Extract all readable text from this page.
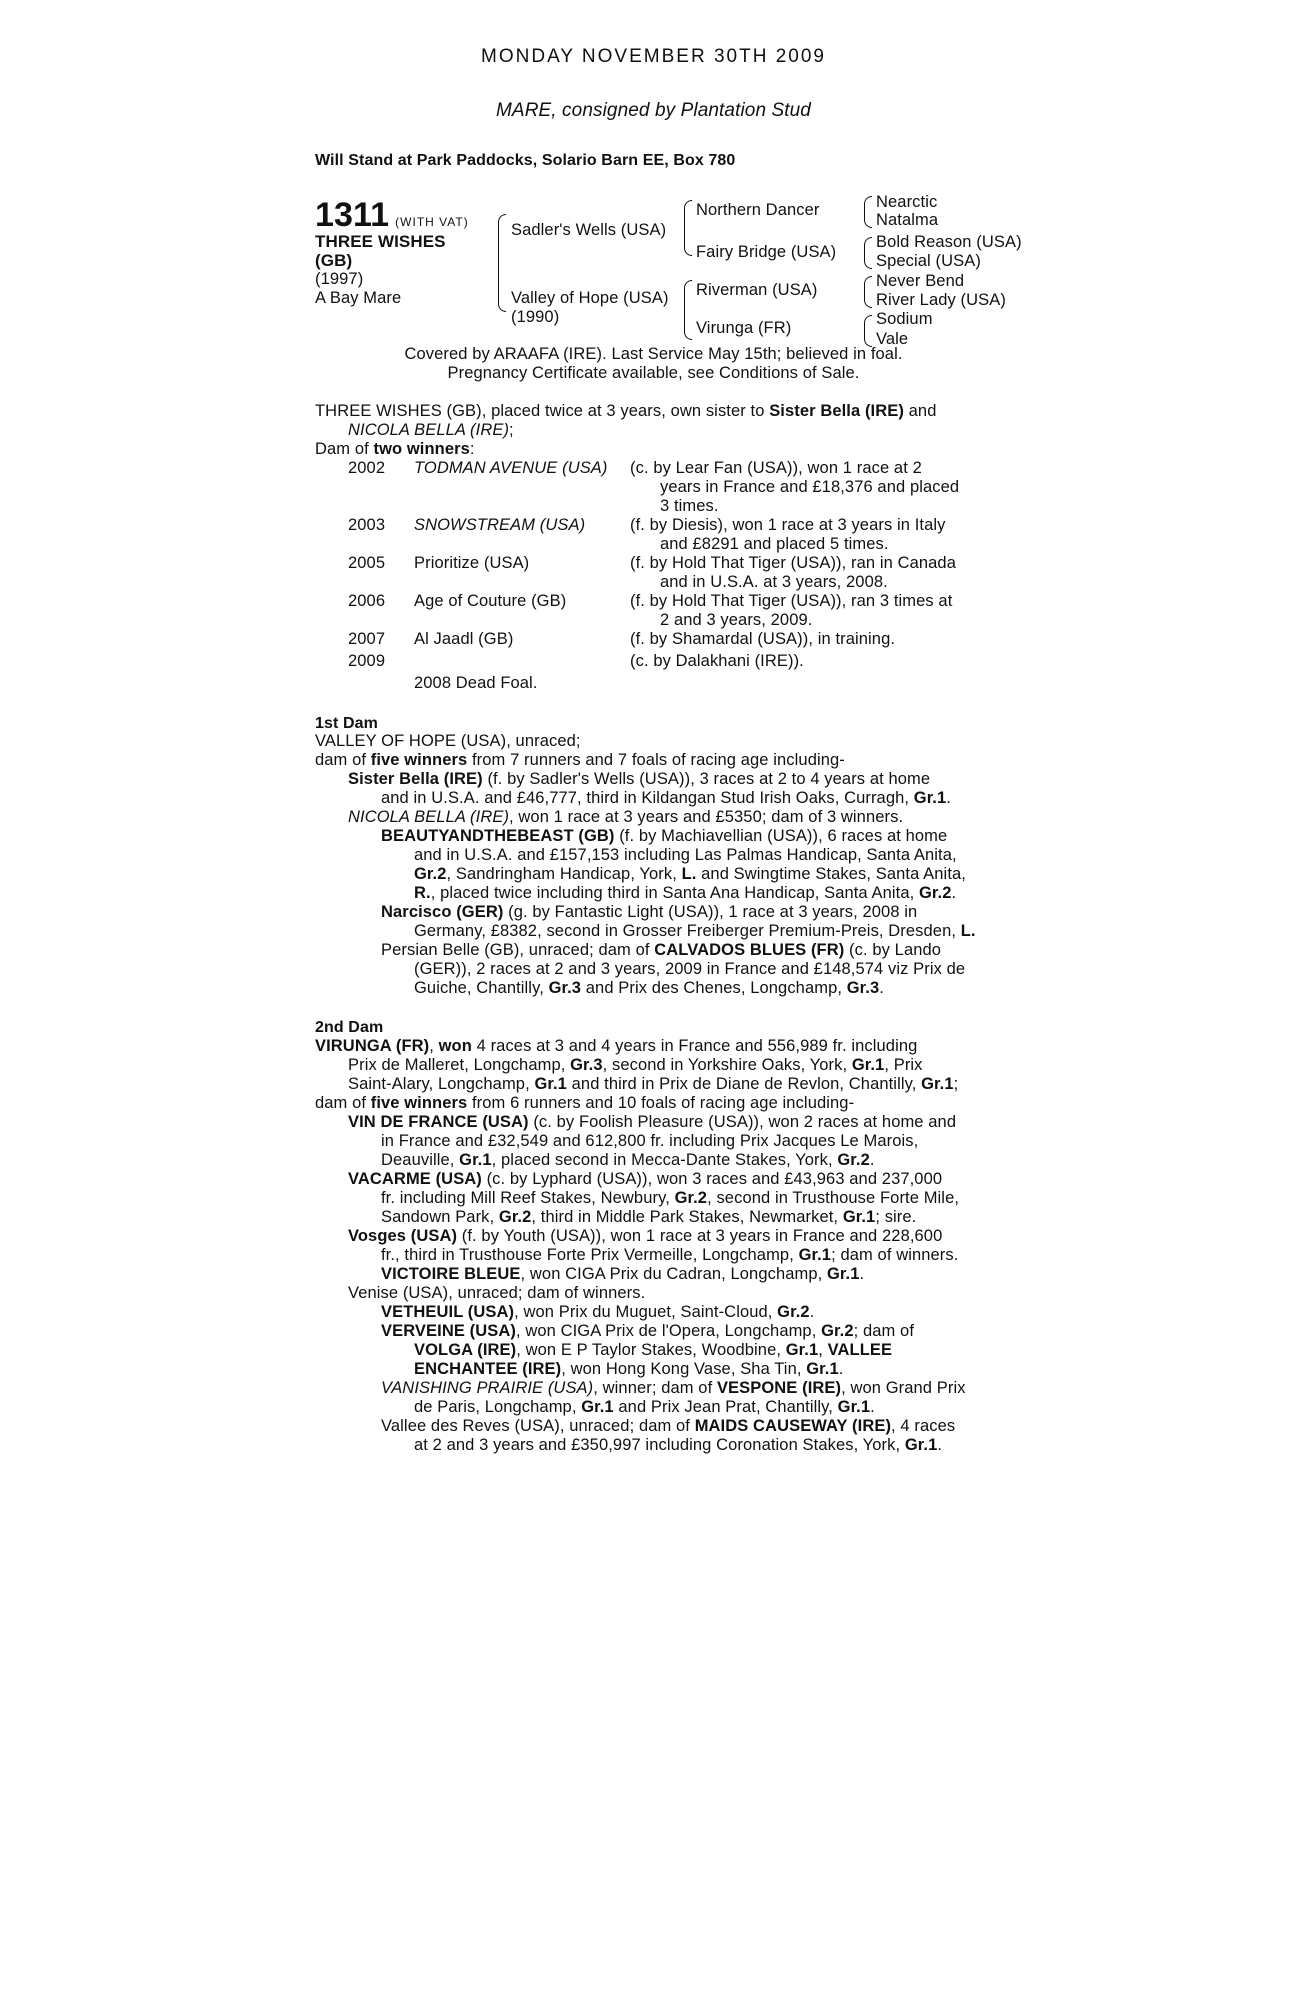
MONDAY NOVEMBER 30TH 2009
MARE, consigned by Plantation Stud
Will Stand at Park Paddocks, Solario Barn EE, Box 780
1311 (WITH VAT)
THREE WISHES
(GB)
(1997)
A Bay Mare
Sadler's Wells (USA)
Valley of Hope (USA)
(1990)
Northern Dancer
Fairy Bridge (USA)
Riverman (USA)
Virunga (FR)
Nearctic
Natalma
Bold Reason (USA)
Special (USA)
Never Bend
River Lady (USA)
Sodium
Vale
Covered by ARAAFA (IRE). Last Service May 15th; believed in foal.
Pregnancy Certificate available, see Conditions of Sale.
THREE WISHES (GB), placed twice at 3 years, own sister to Sister Bella (IRE) and
NICOLA BELLA (IRE);
Dam of two winners:
2002 TODMAN AVENUE (USA) (c. by Lear Fan (USA)), won 1 race at 2
years in France and £18,376 and placed
3 times.
2003 SNOWSTREAM (USA)	(f. by Diesis), won 1 race at 3 years in Italy
and £8291 and placed 5 times.
2005 Prioritize (USA)	(f. by Hold That Tiger (USA)), ran in Canada
and in U.S.A. at 3 years, 2008.
2006 Age of Couture (GB)	(f. by Hold That Tiger (USA)), ran 3 times at
2 and 3 years, 2009.
2007 Al Jaadl (GB)	(f. by Shamardal (USA)), in training.
2009	(c. by Dalakhani (IRE)).
2008 Dead Foal.
1st Dam
VALLEY OF HOPE (USA), unraced;
dam of five winners from 7 runners and 7 foals of racing age including-
Sister Bella (IRE) (f. by Sadler's Wells (USA)), 3 races at 2 to 4 years at home
and in U.S.A. and £46,777, third in Kildangan Stud Irish Oaks, Curragh, Gr.1.
NICOLA BELLA (IRE), won 1 race at 3 years and £5350; dam of 3 winners.
BEAUTYANDTHEBEAST (GB) (f. by Machiavellian (USA)), 6 races at home
and in U.S.A. and £157,153 including Las Palmas Handicap, Santa Anita,
Gr.2, Sandringham Handicap, York, L. and Swingtime Stakes, Santa Anita,
R., placed twice including third in Santa Ana Handicap, Santa Anita, Gr.2.
Narcisco (GER) (g. by Fantastic Light (USA)), 1 race at 3 years, 2008 in
Germany, £8382, second in Grosser Freiberger Premium-Preis, Dresden, L.
Persian Belle (GB), unraced; dam of CALVADOS BLUES (FR) (c. by Lando
(GER)), 2 races at 2 and 3 years, 2009 in France and £148,574 viz Prix de
Guiche, Chantilly, Gr.3 and Prix des Chenes, Longchamp, Gr.3.
2nd Dam
VIRUNGA (FR), won 4 races at 3 and 4 years in France and 556,989 fr. including
Prix de Malleret, Longchamp, Gr.3, second in Yorkshire Oaks, York, Gr.1, Prix
Saint-Alary, Longchamp, Gr.1 and third in Prix de Diane de Revlon, Chantilly, Gr.1;
dam of five winners from 6 runners and 10 foals of racing age including-
VIN DE FRANCE (USA) (c. by Foolish Pleasure (USA)), won 2 races at home and
in France and £32,549 and 612,800 fr. including Prix Jacques Le Marois,
Deauville, Gr.1, placed second in Mecca-Dante Stakes, York, Gr.2.
VACARME (USA) (c. by Lyphard (USA)), won 3 races and £43,963 and 237,000
fr. including Mill Reef Stakes, Newbury, Gr.2, second in Trusthouse Forte Mile,
Sandown Park, Gr.2, third in Middle Park Stakes, Newmarket, Gr.1; sire.
Vosges (USA) (f. by Youth (USA)), won 1 race at 3 years in France and 228,600
fr., third in Trusthouse Forte Prix Vermeille, Longchamp, Gr.1; dam of winners.
VICTOIRE BLEUE, won CIGA Prix du Cadran, Longchamp, Gr.1.
Venise (USA), unraced; dam of winners.
VETHEUIL (USA), won Prix du Muguet, Saint-Cloud, Gr.2.
VERVEINE (USA), won CIGA Prix de l'Opera, Longchamp, Gr.2; dam of
VOLGA (IRE), won E P Taylor Stakes, Woodbine, Gr.1, VALLEE
ENCHANTEE (IRE), won Hong Kong Vase, Sha Tin, Gr.1.
VANISHING PRAIRIE (USA), winner; dam of VESPONE (IRE), won Grand Prix
de Paris, Longchamp, Gr.1 and Prix Jean Prat, Chantilly, Gr.1.
Vallee des Reves (USA), unraced; dam of MAIDS CAUSEWAY (IRE), 4 races
at 2 and 3 years and £350,997 including Coronation Stakes, York, Gr.1.
